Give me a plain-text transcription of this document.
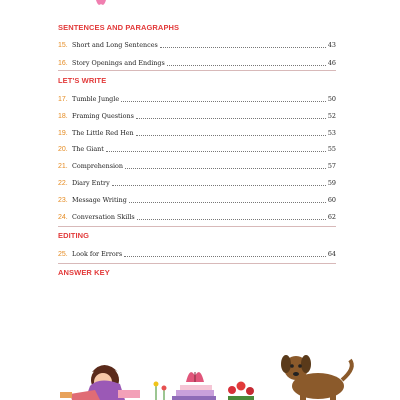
SENTENCES AND PARAGRAPHS
15. Short and Long Sentences	43
16. Story Openings and Endings	46
LET'S WRITE
17. Tumble Jungle	50
18. Framing Questions	52
19. The Little Red Hen	53
20. The Giant	55
21. Comprehension	57
22. Diary Entry	59
23. Message Writing	60
24. Conversation Skills	62
EDITING
25. Look for Errors	64
ANSWER KEY
